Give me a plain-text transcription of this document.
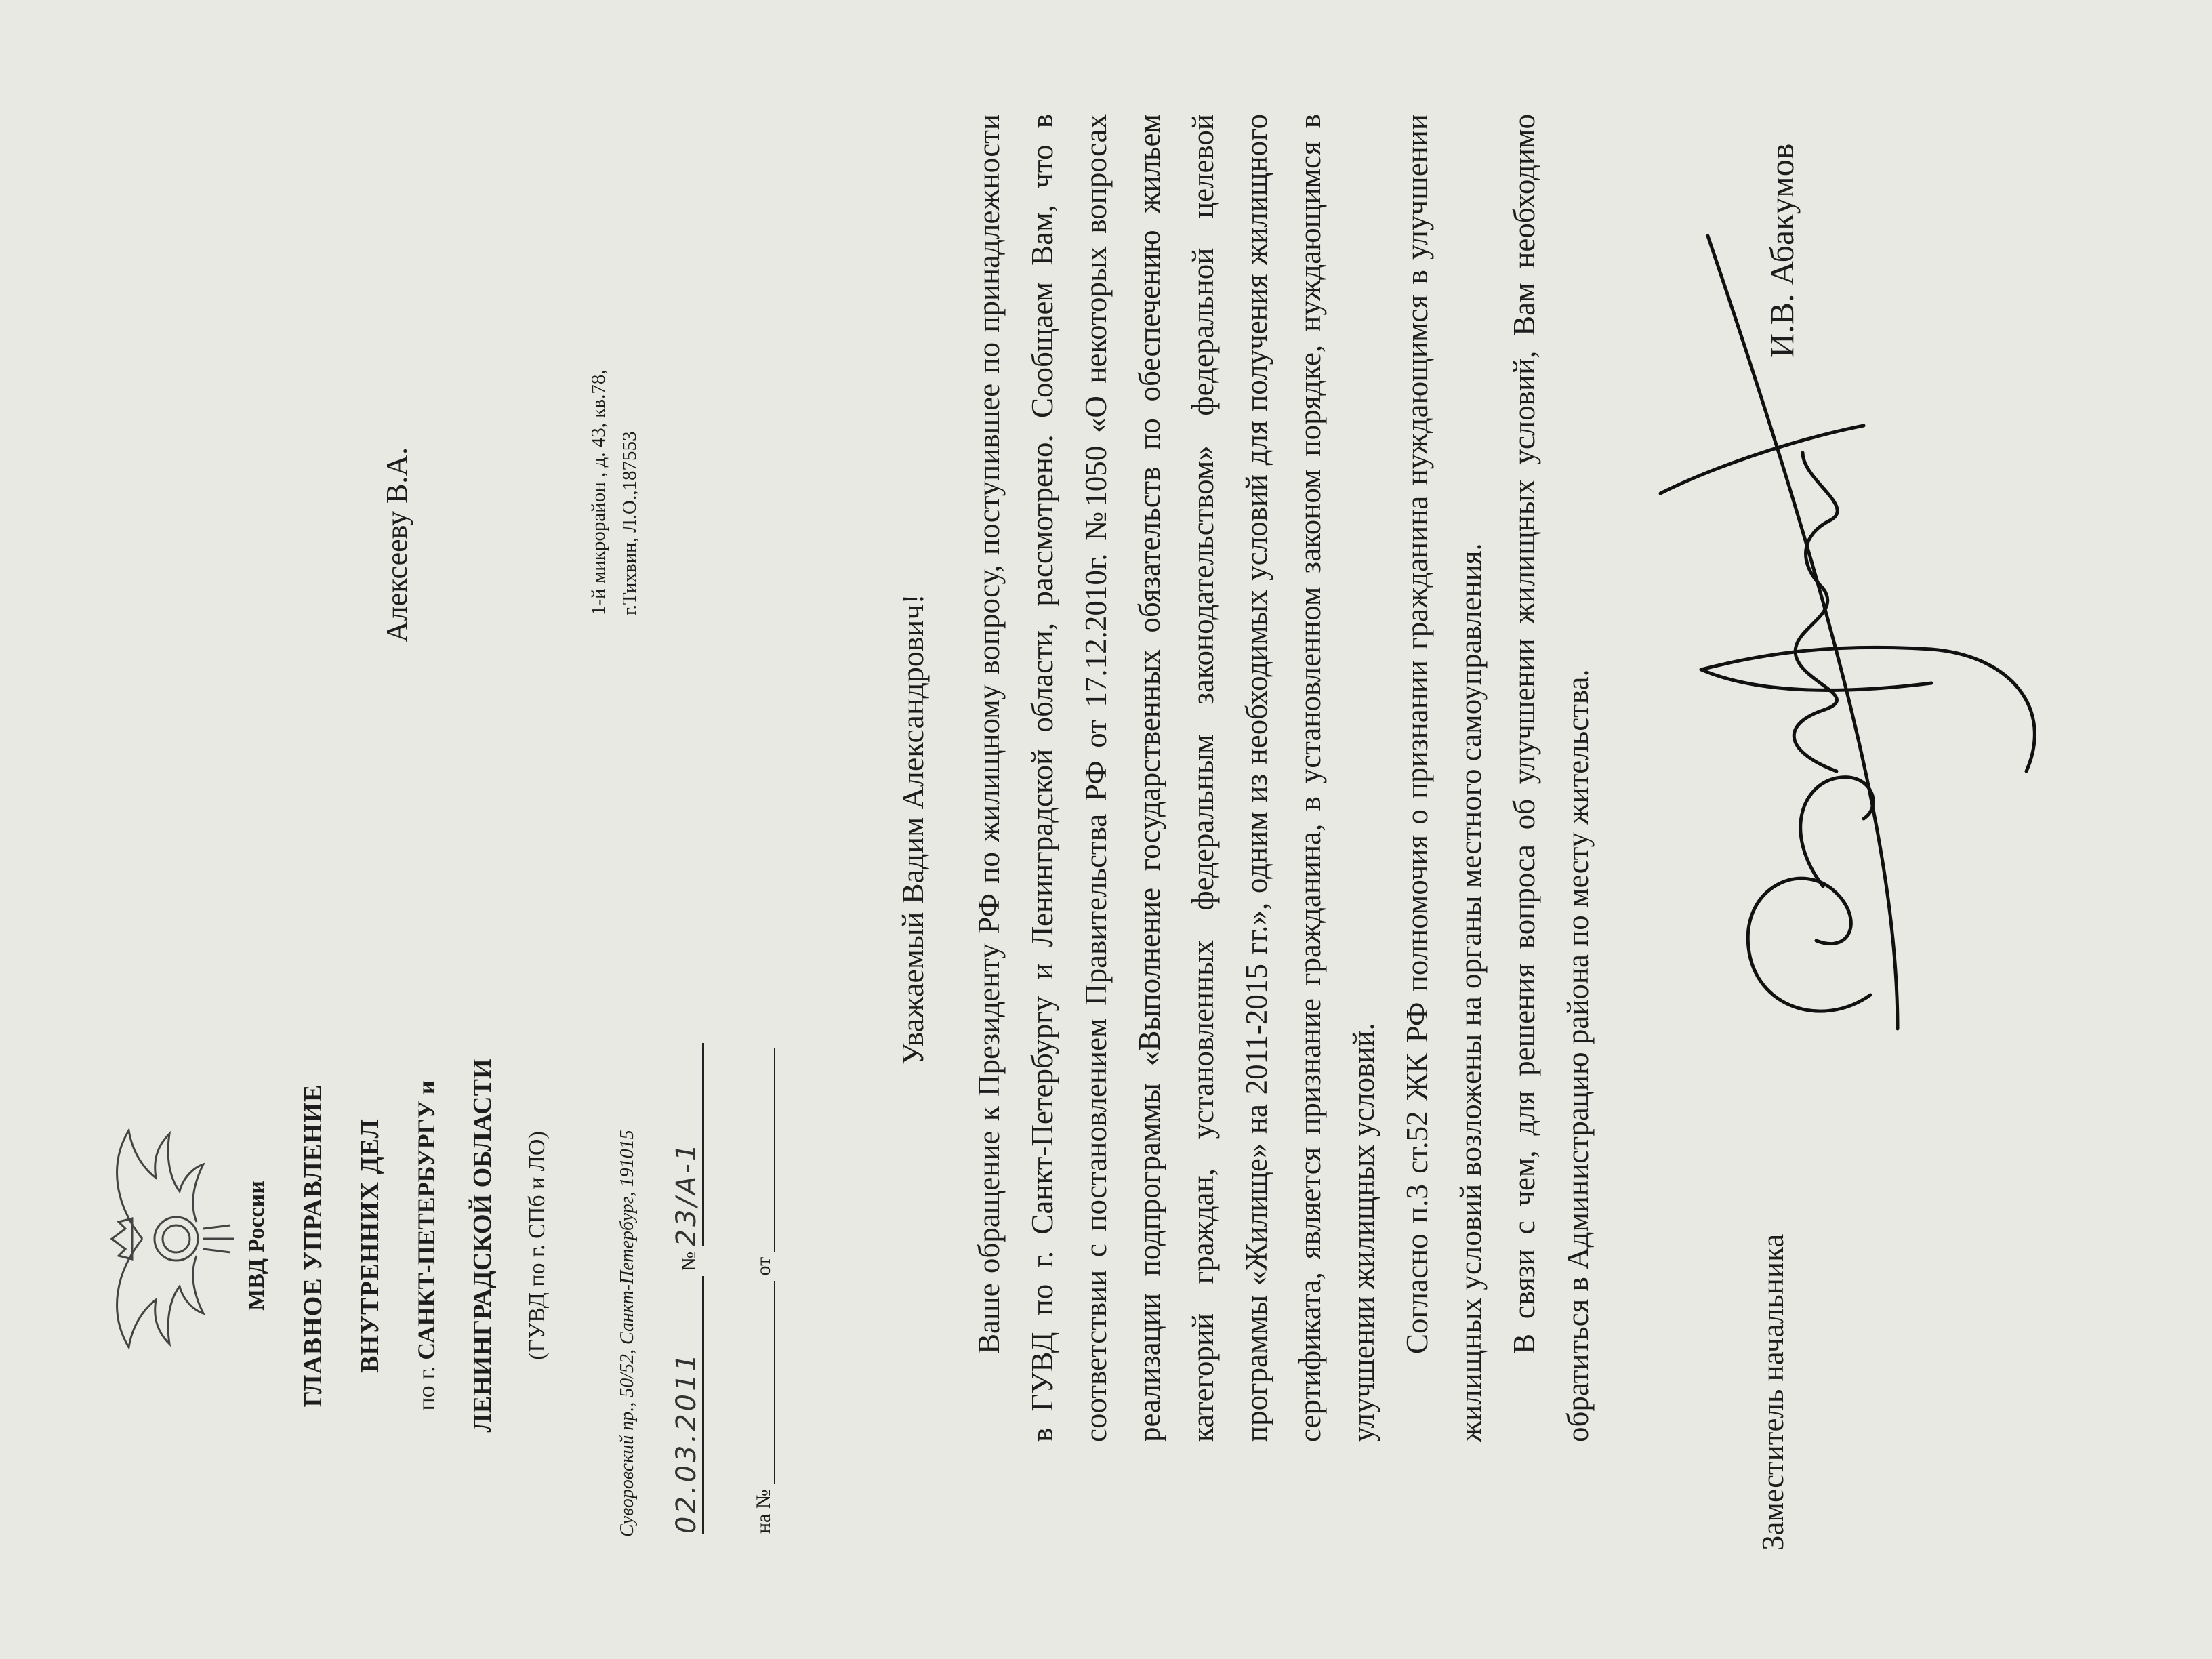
МВД России ГЛАВНОЕ УПРАВЛЕНИЕ ВНУТРЕННИХ ДЕЛ
по г. САНКТ-ПЕТЕРБУРГУ и ЛЕНИНГРАДСКОЙ ОБЛАСТИ (ГУВД по г. СПб и ЛО)	Суворовский пр., 50/52, Санкт-Петербург, 191015 02.03.2011 № 23/А-1
на №  от
Алексееву В.А.	1-й микрорайон , д. 43, кв.78, г.Тихвин, Л.О.,187553
Уважаемый Вадим Александрович!	Ваше обращение к Президенту РФ по жилищному вопросу, поступившее по принадлежности в ГУВД по г. Санкт-Петербургу и Ленинградской области, рассмотрено. Сообщаем Вам, что в соответствии с постановлением Правительства РФ от 17.12.2010г. №1050 «О некоторых вопросах реализации подпрограммы «Выполнение государственных обязательств по обеспечению жильем категорий граждан, установленных федеральным законодательством» федеральной целевой программы «Жилище» на 2011-2015 гг.», одним из необходимых условий для получения жилищного сертификата, является признание гражданина, в установленном законом порядке, нуждающимся в улучшении жилищных условий. Согласно п.3 ст.52 ЖК РФ полномочия о признании гражданина нуждающимся в улучшении жилищных условий возложены на органы местного самоуправления. В связи с чем, для решения вопроса об улучшении жилищных условий, Вам необходимо обратиться в Администрацию района по месту жительства.	Заместитель начальника
И.В. Абакумов
